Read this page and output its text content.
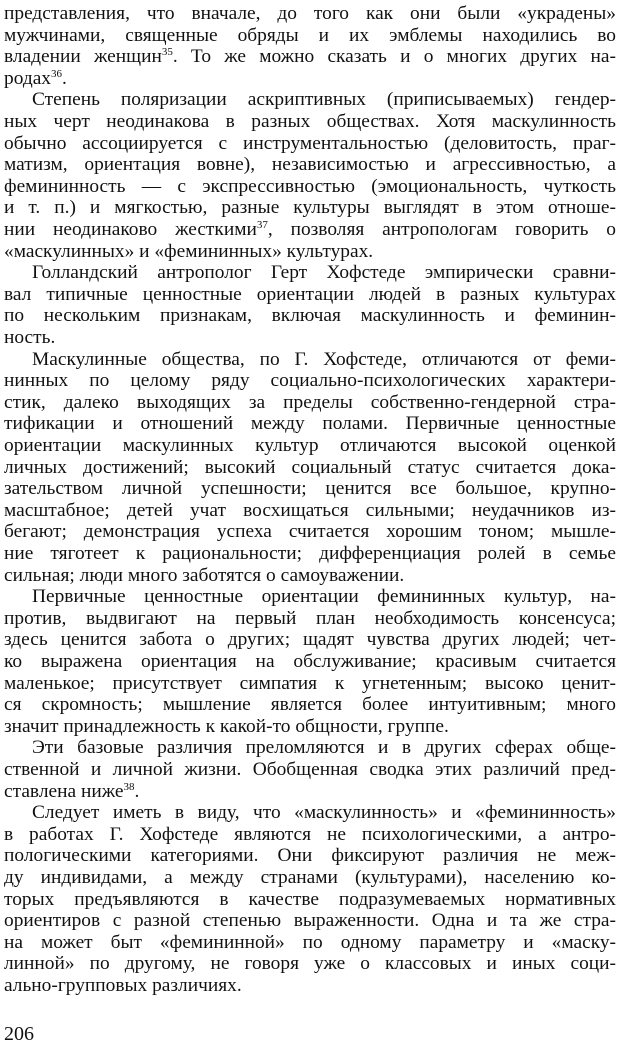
представления, что вначале, до того как они были «украдены»
мужчинами, священные обряды и их эмблемы находились во
владении женщин$^{35}$. То же можно сказать и о многих других на-
родах$^{36}$.
Степень поляризации аскриптивных (приписываемых) гендер-
ных черт неодинакова в разных обществах. Хотя маскулинность
обычно ассоциируется с инструментальностью (деловитость, праг-
матизм, ориентация вовне), независимостью и агрессивностью, а
фемининность — с экспрессивностью (эмоциональность, чуткость
и т. п.) и мягкостью, разные культуры выглядят в этом отноше-
нии неодинаково жесткими$^{37}$, позволяя антропологам говорить о
«маскулинных» и «фемининных» культурах.
Голландский антрополог Герт Хофстеде эмпирически сравни-
вал типичные ценностные ориентации людей в разных культурах
по нескольким признакам, включая маскулинность и феминин-
ность.
Маскулинные общества, по Г. Хофстеде, отличаются от феми-
нинных по целому ряду социально-психологических характери-
стик, далеко выходящих за пределы собственно-гендерной стра-
тификации и отношений между полами. Первичные ценностные
ориентации маскулинных культур отличаются высокой оценкой
личных достижений; высокий социальный статус считается дока-
зательством личной успешности; ценится все большое, крупно-
масштабное; детей учат восхищаться сильными; неудачников из-
бегают; демонстрация успеха считается хорошим тоном; мышле-
ние тяготеет к рациональности; дифференциация ролей в семье
сильная; люди много заботятся о самоуважении.
Первичные ценностные ориентации фемининных культур, на-
против, выдвигают на первый план необходимость консенсуса;
здесь ценится забота о других; щадят чувства других людей; чет-
ко выражена ориентация на обслуживание; красивым считается
маленькое; присутствует симпатия к угнетенным; высоко ценит-
ся скромность; мышление является более интуитивным; много
значит принадлежность к какой-то общности, группе.
Эти базовые различия преломляются и в других сферах обще-
ственной и личной жизни. Обобщенная сводка этих различий пред-
ставлена ниже$^{38}$.
Следует иметь в виду, что «маскулинность» и «фемининность»
в работах Г. Хофстеде являются не психологическими, а антро-
пологическими категориями. Они фиксируют различия не меж-
ду индивидами, а между странами (культурами), населению ко-
торых предъявляются в качестве подразумеваемых нормативных
ориентиров с разной степенью выраженности. Одна и та же стра-
на может быт «фемининной» по одному параметру и «маску-
линной» по другому, не говоря уже о классовых и иных соци-
ально-групповых различиях.
206
